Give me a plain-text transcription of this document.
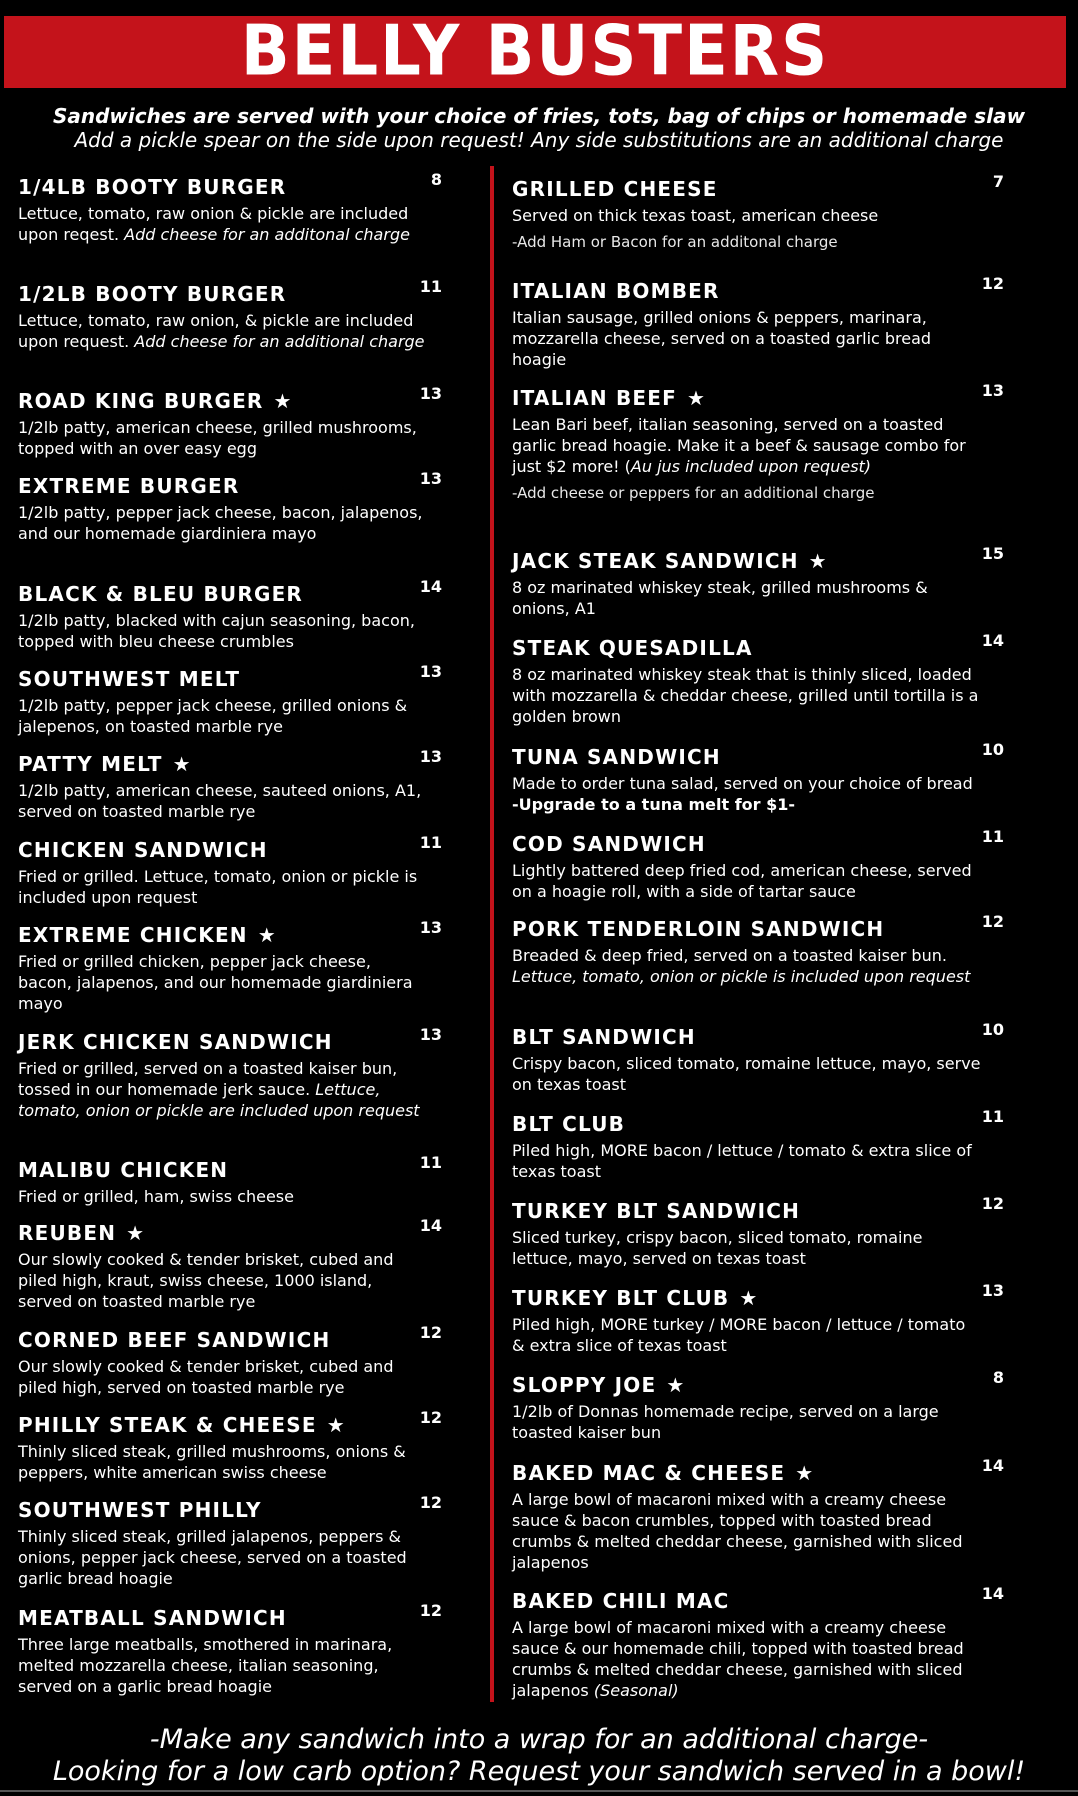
BELLY BUSTERS
Sandwiches are served with your choice of fries, tots, bag of chips or homemade slaw
Add a pickle spear on the side upon request! Any side substitutions are an additional charge
1/4LB BOOTY BURGER
Lettuce, tomato, raw onion & pickle are included upon reqest. Add cheese for an additonal charge
8
1/2LB BOOTY BURGER
Lettuce, tomato, raw onion, & pickle are included upon request. Add cheese for an additional charge
11
ROAD KING BURGER ★
1/2lb patty, american cheese, grilled mushrooms, topped with an over easy egg
13
EXTREME BURGER
1/2lb patty, pepper jack cheese, bacon, jalapenos, and our homemade giardiniera mayo
13
BLACK & BLEU BURGER
1/2lb patty, blacked with cajun seasoning, bacon, topped with bleu cheese crumbles
14
SOUTHWEST MELT
1/2lb patty, pepper jack cheese, grilled onions & jalepenos, on toasted marble rye
13
PATTY MELT ★
1/2lb patty, american cheese, sauteed onions, A1, served on toasted marble rye
13
CHICKEN SANDWICH
Fried or grilled. Lettuce, tomato, onion or pickle is included upon request
11
EXTREME CHICKEN ★
Fried or grilled chicken, pepper jack cheese, bacon, jalapenos, and our homemade giardiniera mayo
13
JERK CHICKEN SANDWICH
Fried or grilled, served on a toasted kaiser bun, tossed in our homemade jerk sauce. Lettuce, tomato, onion or pickle are included upon request
13
MALIBU CHICKEN
Fried or grilled, ham, swiss cheese
11
REUBEN ★
Our slowly cooked & tender brisket, cubed and piled high, kraut, swiss cheese, 1000 island, served on toasted marble rye
14
CORNED BEEF SANDWICH
Our slowly cooked & tender brisket, cubed and piled high, served on toasted marble rye
12
PHILLY STEAK & CHEESE ★
Thinly sliced steak, grilled mushrooms, onions & peppers, white american swiss cheese
12
SOUTHWEST PHILLY
Thinly sliced steak, grilled jalapenos, peppers & onions, pepper jack cheese, served on a toasted garlic bread hoagie
12
MEATBALL SANDWICH
Three large meatballs, smothered in marinara, melted mozzarella cheese, italian seasoning, served on a garlic bread hoagie
12
GRILLED CHEESE
Served on thick texas toast, american cheese
-Add Ham or Bacon for an additonal charge
7
ITALIAN BOMBER
Italian sausage, grilled onions & peppers, marinara, mozzarella cheese, served on a toasted garlic bread hoagie
12
ITALIAN BEEF ★
Lean Bari beef, italian seasoning, served on a toasted garlic bread hoagie. Make it a beef & sausage combo for just $2 more! (Au jus included upon request)
-Add cheese or peppers for an additional charge
13
JACK STEAK SANDWICH ★
8 oz marinated whiskey steak, grilled mushrooms & onions, A1
15
STEAK QUESADILLA
8 oz marinated whiskey steak that is thinly sliced, loaded with mozzarella & cheddar cheese, grilled until tortilla is a golden brown
14
TUNA SANDWICH
Made to order tuna salad, served on your choice of bread -Upgrade to a tuna melt for $1-
10
COD SANDWICH
Lightly battered deep fried cod, american cheese, served on a hoagie roll, with a side of tartar sauce
11
PORK TENDERLOIN SANDWICH
Breaded & deep fried, served on a toasted kaiser bun. Lettuce, tomato, onion or pickle is included upon request
12
BLT SANDWICH
Crispy bacon, sliced tomato, romaine lettuce, mayo, serve on texas toast
10
BLT CLUB
Piled high, MORE bacon / lettuce / tomato & extra slice of texas toast
11
TURKEY BLT SANDWICH
Sliced turkey, crispy bacon, sliced tomato, romaine lettuce, mayo, served on texas toast
12
TURKEY BLT CLUB ★
Piled high, MORE turkey / MORE bacon / lettuce / tomato & extra slice of texas toast
13
SLOPPY JOE ★
1/2lb of Donnas homemade recipe, served on a large toasted kaiser bun
8
BAKED MAC & CHEESE ★
A large bowl of macaroni mixed with a creamy cheese sauce & bacon crumbles, topped with toasted bread crumbs & melted cheddar cheese, garnished with sliced jalapenos
14
BAKED CHILI MAC
A large bowl of macaroni mixed with a creamy cheese sauce & our homemade chili, topped with toasted bread crumbs & melted cheddar cheese, garnished with sliced jalapenos (Seasonal)
14
-Make any sandwich into a wrap for an additional charge-
Looking for a low carb option? Request your sandwich served in a bowl!
